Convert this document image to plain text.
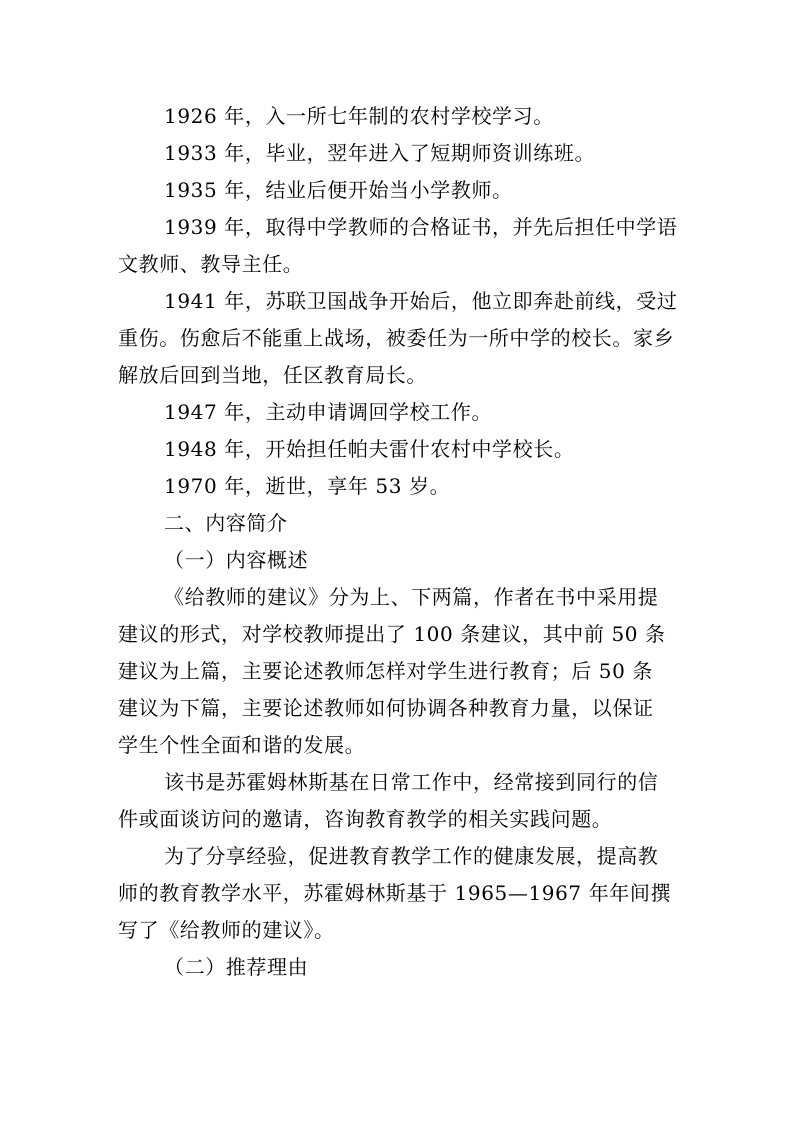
1926 年，入一所七年制的农村学校学习。

1933 年，毕业，翌年进入了短期师资训练班。

1935 年，结业后便开始当小学教师。

1939 年，取得中学教师的合格证书，并先后担任中学语文教师、教导主任。

1941 年，苏联卫国战争开始后，他立即奔赴前线，受过重伤。伤愈后不能重上战场，被委任为一所中学的校长。家乡解放后回到当地，任区教育局长。

1947 年，主动申请调回学校工作。

1948 年，开始担任帕夫雷什农村中学校长。

1970 年，逝世，享年 53 岁。

二、内容简介

（一）内容概述

《给教师的建议》分为上、下两篇，作者在书中采用提
建议的形式，对学校教师提出了 100 条建议，其中前 50 条
建议为上篇，主要论述教师怎样对学生进行教育；后 50 条
建议为下篇，主要论述教师如何协调各种教育力量，以保证
学生个性全面和谐的发展。

该书是苏霍姆林斯基在日常工作中，经常接到同行的信
件或面谈访问的邀请，咨询教育教学的相关实践问题。

为了分享经验，促进教育教学工作的健康发展，提高教
师的教育教学水平，苏霍姆林斯基于 1965—1967 年年间撰
写了《给教师的建议》。

（二）推荐理由
